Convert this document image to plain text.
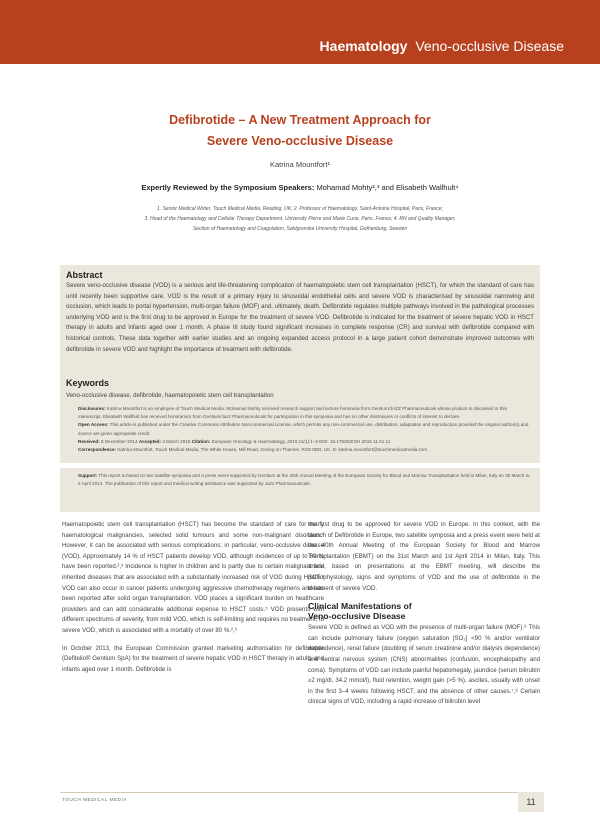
Haematology Veno-occlusive Disease
Defibrotide – A New Treatment Approach for
Severe Veno-occlusive Disease
Katrina Mountfort¹
Expertly Reviewed by the Symposium Speakers: Mohamad Mohty²,³ and Elisabeth Wallhult⁴
1. Senior Medical Writer, Touch Medical Media, Reading, UK; 2. Professor of Haematology, Saint-Antoine Hospital, Paris, France;
3. Head of the Haematology and Cellular Therapy Department, University Pierre and Marie Curie, Paris, France; 4. RN and Quality Manager,
Section of Haematology and Coagulation, Sahlgrenska University Hospital, Gothenburg, Sweden
Abstract
Severe veno-occlusive disease (VOD) is a serious and life-threatening complication of haematopoietic stem cell transplantation (HSCT), for which the standard of care has until recently been supportive care. VOD is the result of a primary injury to sinusoidal endothelial cells and severe VOD is characterised by sinusoidal narrowing and occlusion, which leads to portal hypertension, multi-organ failure (MOF) and, ultimately, death. Defibrotide regulates multiple pathways involved in the pathological processes underlying VOD and is the first drug to be approved in Europe for the treatment of severe VOD. Defibrotide is indicated for the treatment of severe hepatic VOD in HSCT therapy in adults and infants aged over 1 month. A phase III study found significant increases in complete response (CR) and survival with defibrotide compared with historical controls. These data together with earlier studies and an ongoing expanded access protocol in a large patient cohort demonstrate improved outcomes with defibrotide in severe VOD and highlight the importance of treatment with defibrotide.
Keywords
Veno-occlusive disease, defibrotide, haematopoietic stem cell transplantation
Disclosures: Katrina Mountfort is an employee of Touch Medical Media. Mohamad Mohty received research support and lecture honoraria from Gentium/JAZZ Pharmaceuticals whose product is discussed in this manuscript. Elisabeth Wallhult has received honorarium from Gentium/Jazz Pharmaceuticals for participation in this symposia and has no other disclosures or conflicts of interest to declare.
Open Access: This article is published under the Creative Commons Attribution Noncommercial License, which permits any non-commercial use, distribution, adaptation and reproduction provided the original author(s) and source are given appropriate credit.
Received: 5 December 2014 Accepted: 4 March 2015 Citation: European Oncology & Haematology, 2015;11(1):1–6 DOI: 10.17925/EOH.2015.11.01.11
Correspondence: Katrina Mountfort, Touch Medical Media, The White House, Mill Road, Goring-on-Thames, RG8 9DD, UK. E: katrina.mountfort@touchmedicalmedia.com
Support: This report is based on two satellite symposia and a press event supported by Gentium at the 40th Annual Meeting of the European Society for Blood and Marrow Transplantation held in Milan, Italy on 30 March to 2 April 2014. The publication of this report and medical writing assistance was supported by Jazz Pharmaceuticals.

Haematopoietic stem cell transplantation (HSCT) has become the standard of care for many haematological malignancies, selected solid tumours and some non-malignant disorders.¹ However, it can be associated with serious complications; in particular, veno-occlusive disease (VOD). Approximately 14 % of HSCT patients develop VOD, although incidences of up to 60 % have been reported.²,³ Incidence is higher in children and is partly due to certain malignant and inherited diseases that are associated with a substantially increased risk of VOD during HSCT.⁴ VOD can also occur in cancer patients undergoing aggressive chemotherapy regimens and has been reported after solid organ transplantation. VOD places a significant burden on healthcare providers and can add considerable additional expense to HSCT costs.⁵ VOD presents with different spectrums of severity, from mild VOD, which is self-limiting and requires no treatment, to severe VOD, which is associated with a mortality of over 80 %.²,⁶

In October 2013, the European Commission granted marketing authorisation for defibrotide (Defitelio® Gentium SpA) for the treatment of severe hepatic VOD in HSCT therapy in adults and infants aged over 1 month. Defibrotide is

the first drug to be approved for severe VOD in Europe. In this context, with the launch of Defibrotide in Europe, two satellite symposia and a press event were held at the 40th Annual Meeting of the European Society for Blood and Marrow Transplantation (EBMT) on the 31st March and 1st April 2014 in Milan, Italy. This article, based on presentations at the EBMT meeting, will describe the pathophysiology, signs and symptoms of VOD and the use of defibrotide in the treatment of severe VOD.

Clinical Manifestations of
Veno-occlusive Disease

Severe VOD is defined as VOD with the presence of multi-organ failure (MOF).⁶ This can include pulmonary failure (oxygen saturation [SO₂] <90 % and/or ventilator dependence), renal failure (doubling of serum creatinine and/or dialysis dependence) and central nervous system (CNS) abnormalities (confusion, encephalopathy and coma). Symptoms of VOD can include painful hepatomegaly, jaundice (serum bilirubin ≥2 mg/dl, 34.2 mmol/l), fluid retention, weight gain (>5 %), ascites, usually with onset in the first 3–4 weeks following HSCT, and the absence of other causes.⁷,⁸ Certain clinical signs of VOD, including a rapid increase of bilirubin level

TOUCH MEDICAL MEDIA	11
